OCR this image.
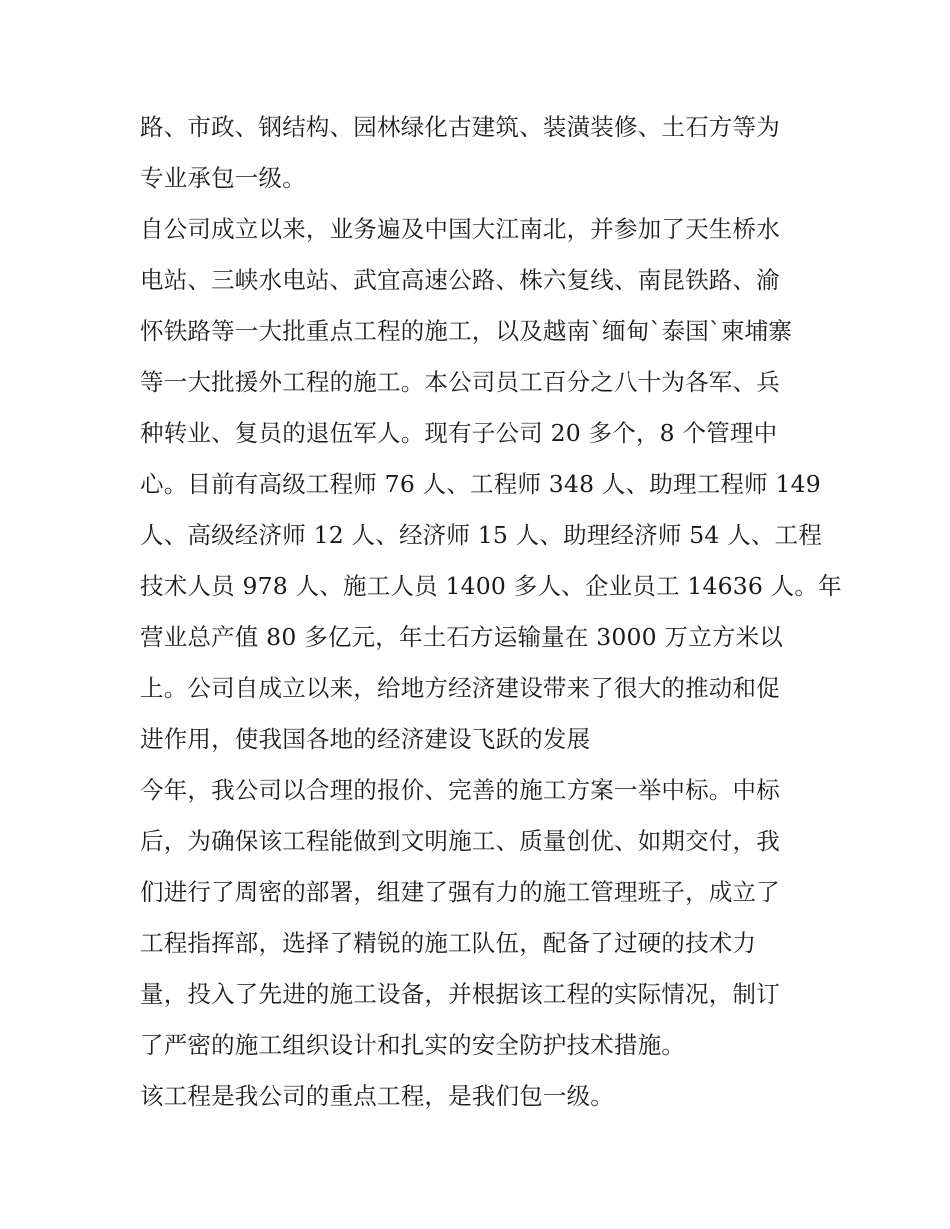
路、市政、钢结构、园林绿化古建筑、装潢装修、土石方等为
专业承包一级。
自公司成立以来，业务遍及中国大江南北，并参加了天生桥水
电站、三峡水电站、武宜高速公路、株六复线、南昆铁路、渝
怀铁路等一大批重点工程的施工，以及越南`缅甸`泰国`柬埔寨
等一大批援外工程的施工。本公司员工百分之八十为各军、兵
种转业、复员的退伍军人。现有子公司 20 多个，8 个管理中
心。目前有高级工程师 76 人、工程师 348 人、助理工程师 149
人、高级经济师 12 人、经济师 15 人、助理经济师 54 人、工程
技术人员 978 人、施工人员 1400 多人、企业员工 14636 人。年
营业总产值 80 多亿元，年土石方运输量在 3000 万立方米以
上。公司自成立以来，给地方经济建设带来了很大的推动和促
进作用，使我国各地的经济建设飞跃的发展
今年，我公司以合理的报价、完善的施工方案一举中标。中标
后，为确保该工程能做到文明施工、质量创优、如期交付，我
们进行了周密的部署，组建了强有力的施工管理班子，成立了
工程指挥部，选择了精锐的施工队伍，配备了过硬的技术力
量，投入了先进的施工设备，并根据该工程的实际情况，制订
了严密的施工组织设计和扎实的安全防护技术措施。
该工程是我公司的重点工程，是我们包一级。
